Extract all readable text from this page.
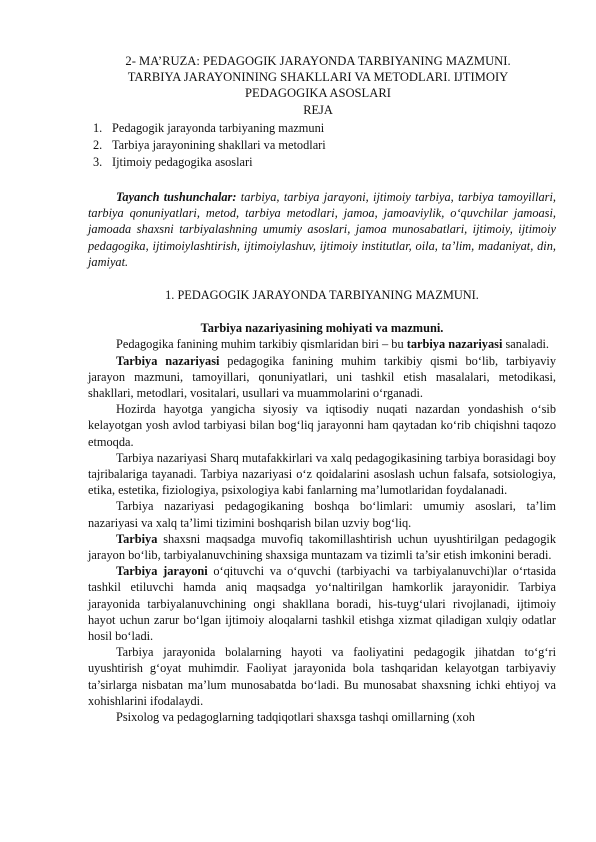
2- MA’RUZA: PEDAGOGIK JARAYONDA TARBIYANING MAZMUNI.
TARBIYA JARAYONINING SHAKLLARI VA METODLARI. IJTIMOIY
PEDAGOGIKA ASOSLARI
REJA
1. Pedagogik jarayonda tarbiyaning mazmuni
2. Tarbiya jarayonining shakllari va metodlari
3. Ijtimoiy pedagogika asoslari

Tayanch tushunchalar: tarbiya, tarbiya jarayoni, ijtimoiy tarbiya, tarbiya tamoyillari, tarbiya qonuniyatlari, metod, tarbiya metodlari, jamoa, jamoaviylik, o‘quvchilar jamoasi, jamoada shaxsni tarbiyalashning umumiy asoslari, jamoa munosabatlari, ijtimoiy, ijtimoiy pedagogika, ijtimoiylashtirish, ijtimoiylashuv, ijtimoiy institutlar, oila, ta’lim, madaniyat, din, jamiyat.

1. PEDAGOGIK JARAYONDA TARBIYANING MAZMUNI.

Tarbiya nazariyasining mohiyati va mazmuni.

Pedagogika fanining muhim tarkibiy qismlaridan biri – bu tarbiya nazariyasi sanaladi.

Tarbiya nazariyasi pedagogika fanining muhim tarkibiy qismi bo‘lib, tarbiyaviy jarayon mazmuni, tamoyillari, qonuniyatlari, uni tashkil etish masalalari, metodikasi, shakllari, metodlari, vositalari, usullari va muammolarini o‘rganadi.

Hozirda hayotga yangicha siyosiy va iqtisodiy nuqati nazardan yondashish o‘sib kelayotgan yosh avlod tarbiyasi bilan bog‘liq jarayonni ham qaytadan ko‘rib chiqishni taqozo etmoqda.

Tarbiya nazariyasi Sharq mutafakkirlari va xalq pedagogikasining tarbiya borasidagi boy tajribalariga tayanadi. Tarbiya nazariyasi o‘z qoidalarini asoslash uchun falsafa, sotsiologiya, etika, estetika, fiziologiya, psixologiya kabi fanlarning ma’lumotlaridan foydalanadi.

Tarbiya nazariyasi pedagogikaning boshqa bo‘limlari: umumiy asoslari, ta’lim nazariyasi va xalq ta’limi tizimini boshqarish bilan uzviy bog‘liq.

Tarbiya shaxsni maqsadga muvofiq takomillashtirish uchun uyushtirilgan pedagogik jarayon bo‘lib, tarbiyalanuvchining shaxsiga muntazam va tizimli ta’sir etish imkonini beradi.

Tarbiya jarayoni o‘qituvchi va o‘quvchi (tarbiyachi va tarbiyalanuvchi)lar o‘rtasida tashkil etiluvchi hamda aniq maqsadga yo‘naltirilgan hamkorlik jarayonidir. Tarbiya jarayonida tarbiyalanuvchining ongi shakllana boradi, his-tuyg‘ulari rivojlanadi, ijtimoiy hayot uchun zarur bo‘lgan ijtimoiy aloqalarni tashkil etishga xizmat qiladigan xulqiy odatlar hosil bo‘ladi.

Tarbiya jarayonida bolalarning hayoti va faoliyatini pedagogik jihatdan to‘g‘ri uyushtirish g‘oyat muhimdir. Faoliyat jarayonida bola tashqaridan kelayotgan tarbiyaviy ta’sirlarga nisbatan ma’lum munosabatda bo‘ladi. Bu munosabat shaxsning ichki ehtiyoj va xohishlarini ifodalaydi.

Psixolog va pedagoglarning tadqiqotlari shaxsga tashqi omillarning (xoh
